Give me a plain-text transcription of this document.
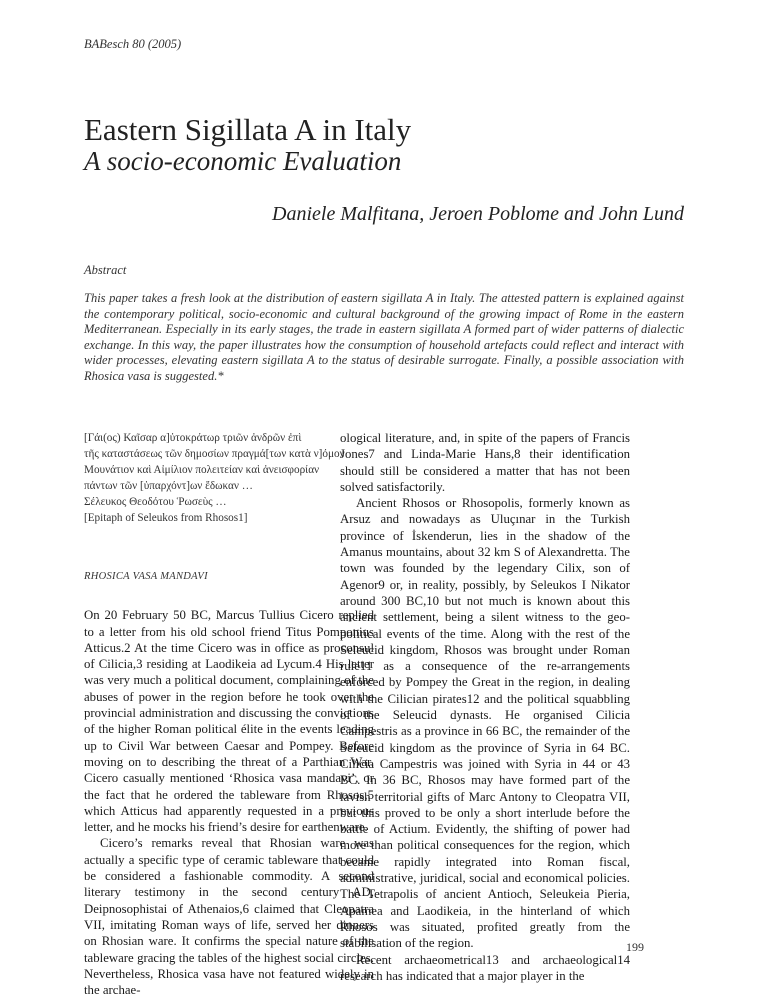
BABesch 80 (2005)
Eastern Sigillata A in Italy
A socio-economic Evaluation
Daniele Malfitana, Jeroen Poblome and John Lund
Abstract
This paper takes a fresh look at the distribution of eastern sigillata A in Italy. The attested pattern is explained against the contemporary political, socio-economic and cultural background of the growing impact of Rome in the eastern Mediterranean. Especially in its early stages, the trade in eastern sigillata A formed part of wider patterns of dialectic exchange. In this way, the paper illustrates how the consumption of household artefacts could reflect and interact with wider processes, elevating eastern sigillata A to the status of desirable surrogate. Finally, a possible association with Rhosica vasa is suggested.*
[Γάι(ος) Καῖσαρ α]ὐτοκράτωρ τριῶν ἀνδρῶν ἐπὶ
τῆς καταστάσεως τῶν δημοσίων πραγμά[των κατὰ ν]όμον
Μουνάτιον καὶ Αἰμίλιον πολειτείαν καὶ ἀνεισφορίαν
πάντων τῶν [ὑπαρχόντ]ων ἔδωκαν …
Σέλευκος Θεοδότου Ῥωσεὺς …
[Epitaph of Seleukos from Rhosos1]
RHOSICA VASA MANDAVI

On 20 February 50 BC, Marcus Tullius Cicero replied to a letter from his old school friend Titus Pomponius Atticus.2 At the time Cicero was in office as proconsul of Cilicia,3 residing at Laodikeia ad Lycum.4 His letter was very much a political document, complaining of the abuses of power in the region before he took over the provincial administration and discussing the convictions of the higher Roman political élite in the events leading up to Civil War between Caesar and Pompey. Before moving on to describing the threat of a Parthian War, Cicero casually mentioned ‘Rhosica vasa mandavi’, or the fact that he ordered the tableware from Rhosos,5 which Atticus had apparently requested in a previous letter, and he mocks his friend’s desire for earthenware.

Cicero’s remarks reveal that Rhosian ware was actually a specific type of ceramic tableware that could be considered a fashionable commodity. A second literary testimony in the second century AD, Deipnosophistai of Athenaios,6 claimed that Cleopatra VII, imitating Roman ways of life, served her dinners on Rhosian ware. It confirms the special nature of the tableware gracing the tables of the highest social circles. Nevertheless, Rhosica vasa have not featured widely in the archae-

ological literature, and, in spite of the papers of Francis Jones7 and Linda-Marie Hans,8 their identification should still be considered a matter that has not been solved satisfactorily.

Ancient Rhosos or Rhosopolis, formerly known as Arsuz and nowadays as Uluçınar in the Turkish province of İskenderun, lies in the shadow of the Amanus mountains, about 32 km S of Alexandretta. The town was founded by the legendary Cilix, son of Agenor9 or, in reality, possibly, by Seleukos I Nikator around 300 BC,10 but not much is known about this ancient settlement, being a silent witness to the geo-political events of the time. Along with the rest of the Seleucid kingdom, Rhosos was brought under Roman rule11 as a consequence of the re-arrangements enforced by Pompey the Great in the region, in dealing with the Cilician pirates12 and the political squabbling of the Seleucid dynasts. He organised Cilicia Campestris as a province in 66 BC, the remainder of the Seleucid kingdom as the province of Syria in 64 BC. Cilicia Campestris was joined with Syria in 44 or 43 BC. In 36 BC, Rhosos may have formed part of the lavish territorial gifts of Marc Antony to Cleopatra VII, but this proved to be only a short interlude before the battle of Actium. Evidently, the shifting of power had more than political consequences for the region, which became rapidly integrated into Roman fiscal, administrative, juridical, social and economical policies. The Tetrapolis of ancient Antioch, Seleukeia Pieria, Apamea and Laodikeia, in the hinterland of which Rhosos was situated, profited greatly from the stabilisation of the region.

Recent archaeometrical13 and archaeological14 research has indicated that a major player in the

199
